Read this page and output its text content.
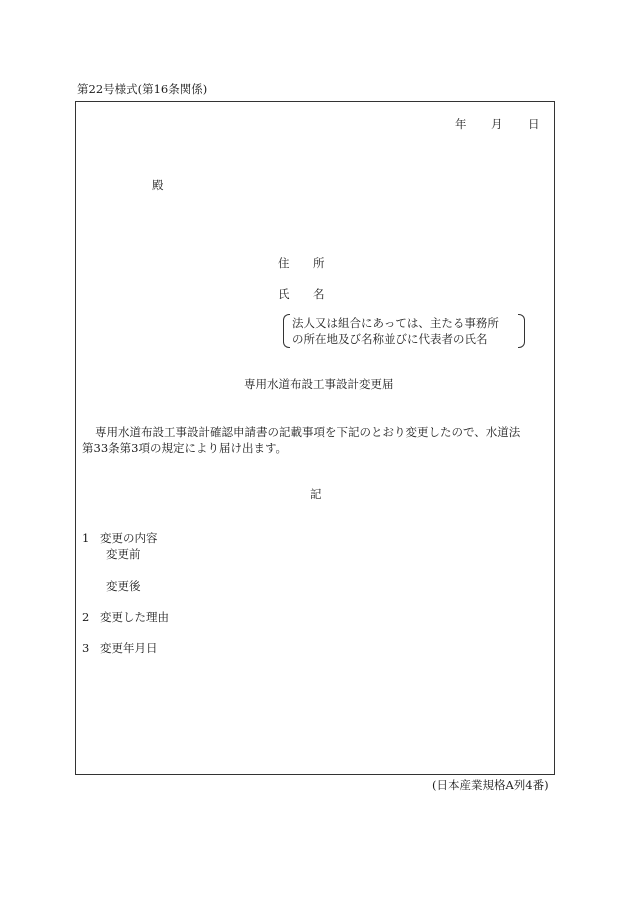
第22号様式(第16条関係)
年 月 日
殿
住 所
氏 名
法人又は組合にあっては、主たる事務所
の所在地及び名称並びに代表者の氏名
専用水道布設工事設計変更届
専用水道布設工事設計確認申請書の記載事項を下記のとおり変更したので、水道法
第33条第3項の規定により届け出ます。
記
1 変更の内容
変更前
変更後
2 変更した理由
3 変更年月日
(日本産業規格A列4番)
